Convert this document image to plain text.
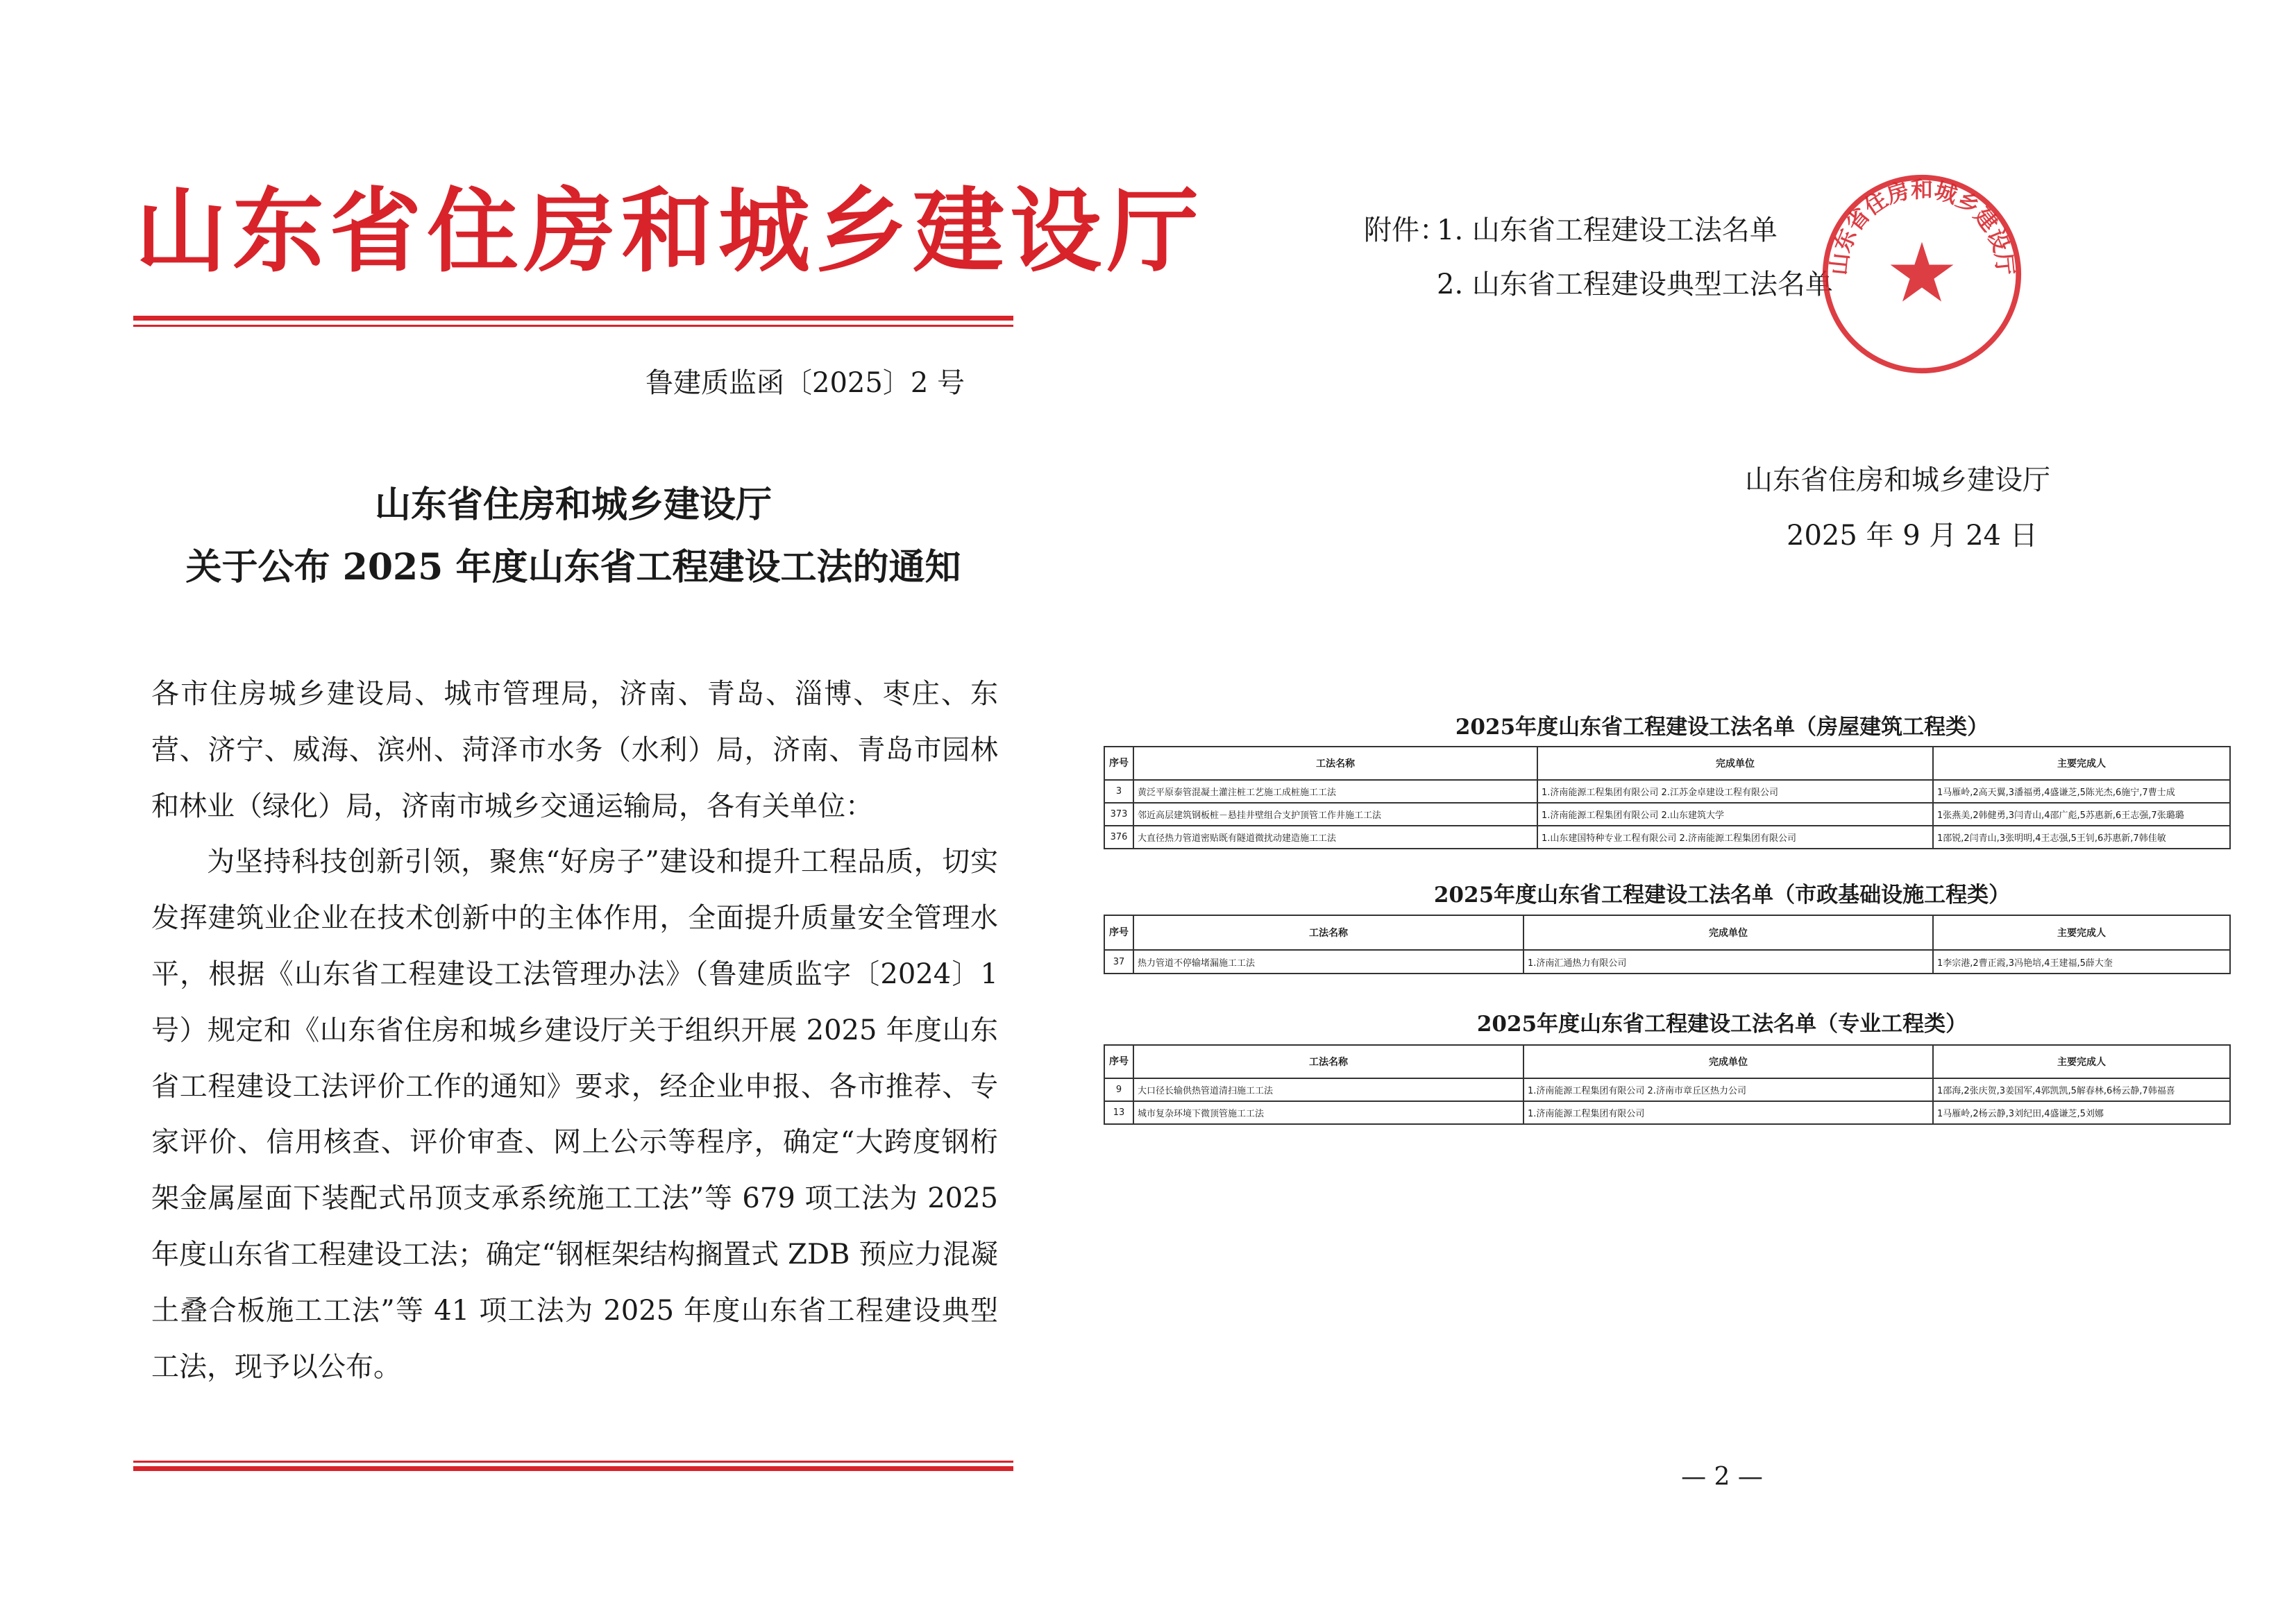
山东省住房和城乡建设厅
鲁建质监函〔2025〕2 号
山东省住房和城乡建设厅
关于公布 2025 年度山东省工程建设工法的通知

各市住房城乡建设局、城市管理局，济南、青岛、淄博、枣庄、东营、济宁、威海、滨州、菏泽市水务（水利）局，济南、青岛市园林和林业（绿化）局，济南市城乡交通运输局，各有关单位：

为坚持科技创新引领，聚焦“好房子”建设和提升工程品质，切实发挥建筑业企业在技术创新中的主体作用，全面提升质量安全管理水平，根据《山东省工程建设工法管理办法》（鲁建质监字〔2024〕1 号）规定和《山东省住房和城乡建设厅关于组织开展 2025 年度山东省工程建设工法评价工作的通知》要求，经企业申报、各市推荐、专家评价、信用核查、评价审查、网上公示等程序，确定“大跨度钢桁架金属屋面下装配式吊顶支承系统施工工法”等 679 项工法为 2025 年度山东省工程建设工法；确定“钢框架结构搁置式 ZDB 预应力混凝土叠合板施工工法”等 41 项工法为 2025 年度山东省工程建设典型工法，现予以公布。

附件：
1. 山东省工程建设工法名单
2. 山东省工程建设典型工法名单
山东省住房和城乡建设厅
山东省住房和城乡建设厅
2025 年 9 月 24 日
2025年度山东省工程建设工法名单（房屋建筑工程类）
— 2 —
序号	工法名称	完成单位	主要完成人
3	黄泛平原泰管混凝土灌注桩工艺施工成桩施工工法	1.济南能源工程集团有限公司 2.江苏金卓建设工程有限公司	1马雁岭,2高天翼,3潘福勇,4盛谦芝,5陈光杰,6施宁,7曹士成
373	邻近高层建筑钢板桩－悬挂井壁组合支护顶管工作井施工工法	1.济南能源工程集团有限公司 2.山东建筑大学	1张燕美,2韩健勇,3闫青山,4邵广彪,5苏惠新,6王志强,7张璐璐
376	大直径热力管道密贴既有隧道微扰动建造施工工法	1.山东建国特种专业工程有限公司 2.济南能源工程集团有限公司	1邵锐,2闫青山,3张明明,4王志强,5王钊,6苏惠新,7韩佳敏
2025年度山东省工程建设工法名单（市政基础设施工程类）
序号	工法名称	完成单位	主要完成人
37	热力管道不停输堵漏施工工法	1.济南汇通热力有限公司	1李宗港,2曹正霞,3冯艳培,4王建福,5薛大奎
2025年度山东省工程建设工法名单（专业工程类）
序号	工法名称	完成单位	主要完成人
9	大口径长输供热管道清扫施工工法	1.济南能源工程集团有限公司 2.济南市章丘区热力公司	1邵海,2张庆贺,3姜国军,4郭凯凯,5解春林,6杨云静,7韩福喜
13	城市复杂环境下微顶管施工工法	1.济南能源工程集团有限公司	1马雁岭,2杨云静,3刘纪田,4盛谦芝,5刘娜
